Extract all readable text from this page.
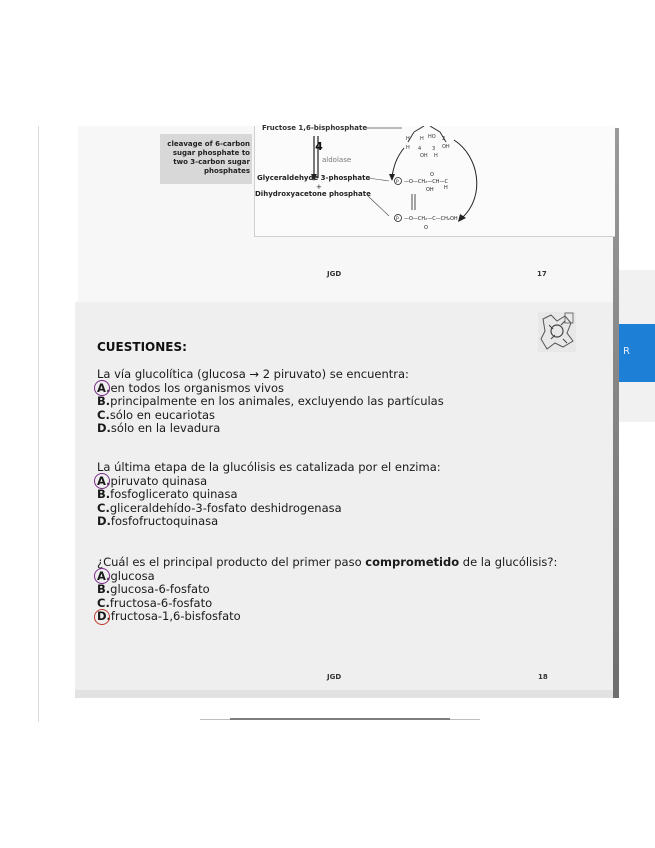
R
cleavage of 6-carbon
sugar phosphate to
two 3-carbon sugar
phosphates
H H HO 2
H 4 3 OH
OH H
P —O—CH₂—CH—C
O
OH H
P —O—CH₂—C—CH₂OH
O
Fructose 1,6-bisphosphate
4
aldolase
Glyceraldehyde 3-phosphate
+
Dihydroxyacetone phosphate
JGD	17
CUESTIONES:
La vía glucolítica (glucosa → 2 piruvato) se encuentra:
A.en todos los organismos vivos
B.principalmente en los animales, excluyendo las partículas
C.sólo en eucariotas
D.sólo en la levadura
La última etapa de la glucólisis es catalizada por el enzima:
A.piruvato quinasa
B.fosfoglicerato quinasa
C.gliceraldehído-3-fosfato deshidrogenasa
D.fosfofructoquinasa
¿Cuál es el principal producto del primer paso comprometido de la glucólisis?:
A.glucosa
B.glucosa-6-fosfato
C.fructosa-6-fosfato
D.fructosa-1,6-bisfosfato
JGD	18
